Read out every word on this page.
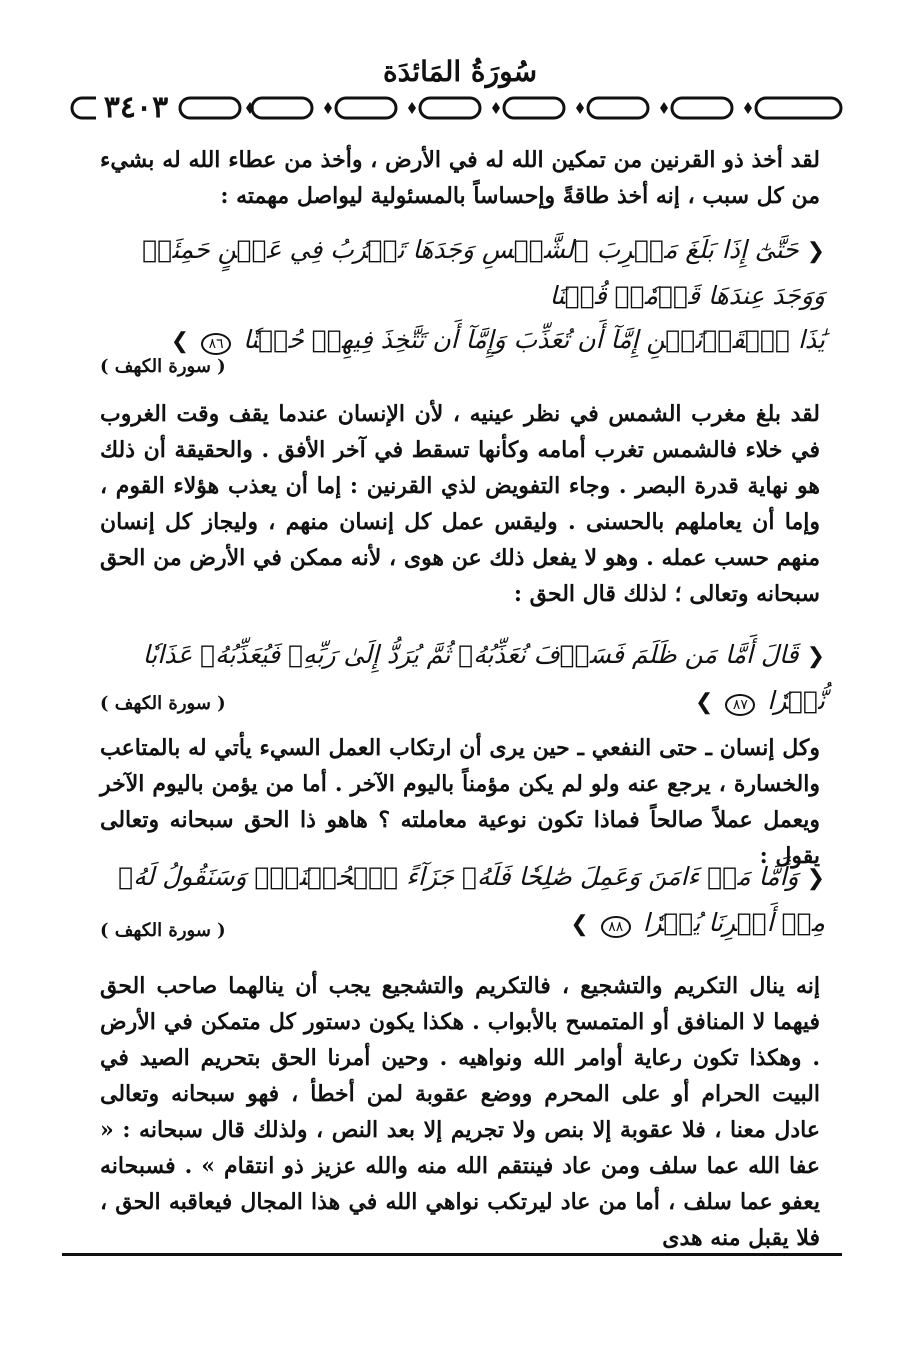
سُورَةُ المَائدَة
٣٤٠٣
لقد أخذ ذو القرنين من تمكين الله له في الأرض ، وأخذ من عطاء الله له بشيء من كل سبب ، إنه أخذ طاقةً وإحساساً بالمسئولية ليواصل مهمته :
❮ حَتَّىٰٓ إِذَا بَلَغَ مَغۡرِبَ ٱلشَّمۡسِ وَجَدَهَا تَغۡرُبُ فِي عَيۡنٍ حَمِئَةٖ وَوَجَدَ عِندَهَا قَوۡمٗاۖ قُلۡنَا
يَٰذَا ٱلۡقَرۡنَيۡنِ إِمَّآ أَن تُعَذِّبَ وَإِمَّآ أَن تَتَّخِذَ فِيهِمۡ حُسۡنٗا ٨٦ ❯
( سورة الكهف )
لقد بلغ مغرب الشمس في نظر عينيه ، لأن الإنسان عندما يقف وقت الغروب في خلاء فالشمس تغرب أمامه وكأنها تسقط في آخر الأفق . والحقيقة أن ذلك هو نهاية قدرة البصر . وجاء التفويض لذي القرنين : إما أن يعذب هؤلاء القوم ، وإما أن يعاملهم بالحسنى . وليقس عمل كل إنسان منهم ، وليجاز كل إنسان منهم حسب عمله . وهو لا يفعل ذلك عن هوى ، لأنه ممكن في الأرض من الحق سبحانه وتعالى ؛ لذلك قال الحق :
❮ قَالَ أَمَّا مَن ظَلَمَ فَسَوۡفَ نُعَذِّبُهُۥ ثُمَّ يُرَدُّ إِلَىٰ رَبِّهِۦ فَيُعَذِّبُهُۥ عَذَابٗا نُّكۡرٗا ٨٧ ❯
( سورة الكهف )
وكل إنسان ـ حتى النفعي ـ حين يرى أن ارتكاب العمل السيء يأتي له بالمتاعب والخسارة ، يرجع عنه ولو لم يكن مؤمناً باليوم الآخر . أما من يؤمن باليوم الآخر ويعمل عملاً صالحاً فماذا تكون نوعية معاملته ؟ هاهو ذا الحق سبحانه وتعالى يقول :
❮ وَأَمَّا مَنۡ ءَامَنَ وَعَمِلَ صَٰلِحٗا فَلَهُۥ جَزَآءً ٱلۡحُسۡنَىٰۖ وَسَنَقُولُ لَهُۥ مِنۡ أَمۡرِنَا يُسۡرٗا ٨٨ ❯
( سورة الكهف )
إنه ينال التكريم والتشجيع ، فالتكريم والتشجيع يجب أن ينالهما صاحب الحق فيهما لا المنافق أو المتمسح بالأبواب . هكذا يكون دستور كل متمكن في الأرض . وهكذا تكون رعاية أوامر الله ونواهيه . وحين أمرنا الحق بتحريم الصيد في البيت الحرام أو على المحرم ووضع عقوبة لمن أخطأ ، فهو سبحانه وتعالى عادل معنا ، فلا عقوبة إلا بنص ولا تجريم إلا بعد النص ، ولذلك قال سبحانه : « عفا الله عما سلف ومن عاد فينتقم الله منه والله عزيز ذو انتقام » . فسبحانه يعفو عما سلف ، أما من عاد ليرتكب نواهي الله في هذا المجال فيعاقبه الحق ، فلا يقبل منه هدى
